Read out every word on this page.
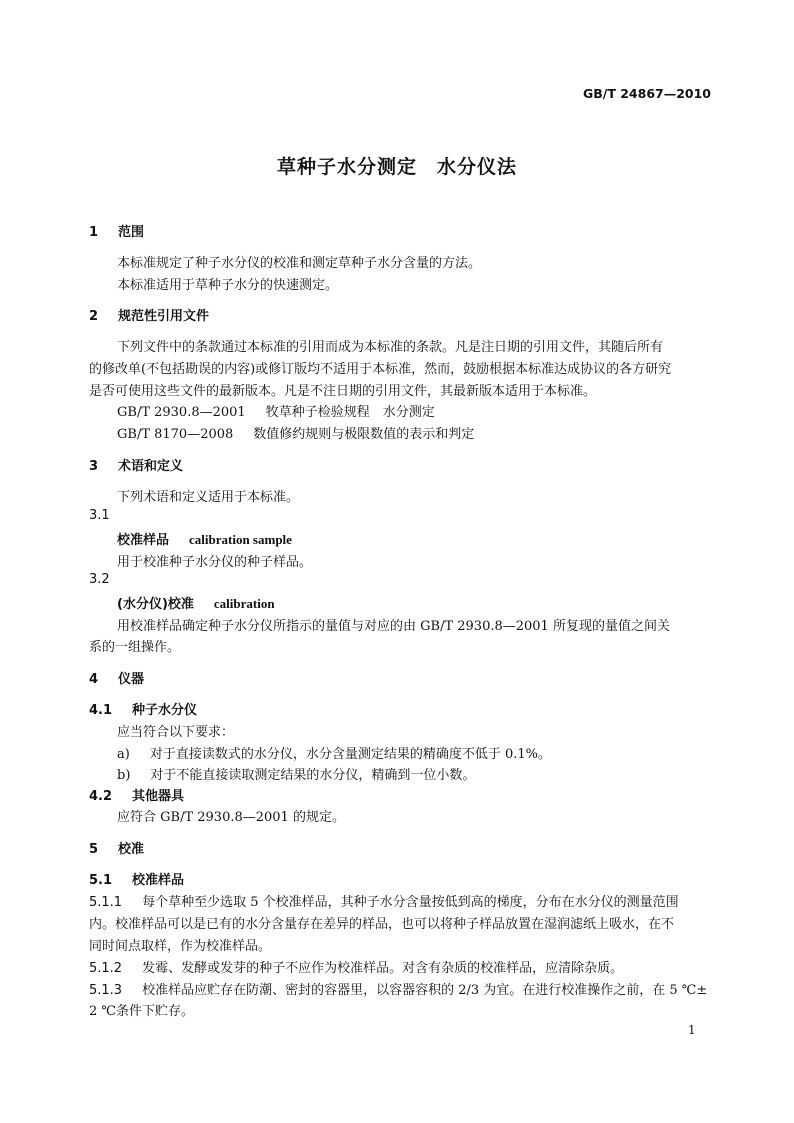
GB/T 24867—2010
草种子水分测定　水分仪法
1 范围
本标准规定了种子水分仪的校准和测定草种子水分含量的方法。
本标准适用于草种子水分的快速测定。
2 规范性引用文件
下列文件中的条款通过本标准的引用而成为本标准的条款。凡是注日期的引用文件，其随后所有
的修改单(不包括勘误的内容)或修订版均不适用于本标准，然而，鼓励根据本标准达成协议的各方研究
是否可使用这些文件的最新版本。凡是不注日期的引用文件，其最新版本适用于本标准。
GB/T 2930.8—2001 牧草种子检验规程　水分测定
GB/T 8170—2008 数值修约规则与极限数值的表示和判定
3 术语和定义
下列术语和定义适用于本标准。
3.1
校准样品 calibration sample
用于校准种子水分仪的种子样品。
3.2
(水分仪)校准 calibration
用校准样品确定种子水分仪所指示的量值与对应的由 GB/T 2930.8—2001 所复现的量值之间关
系的一组操作。
4 仪器
4.1 种子水分仪
应当符合以下要求：
a) 对于直接读数式的水分仪，水分含量测定结果的精确度不低于 0.1%。
b) 对于不能直接读取测定结果的水分仪，精确到一位小数。
4.2 其他器具
应符合 GB/T 2930.8—2001 的规定。
5 校准
5.1 校准样品
5.1.1 每个草种至少选取 5 个校准样品，其种子水分含量按低到高的梯度，分布在水分仪的测量范围
内。校准样品可以是已有的水分含量存在差异的样品，也可以将种子样品放置在湿润滤纸上吸水，在不
同时间点取样，作为校准样品。
5.1.2 发霉、发酵或发芽的种子不应作为校准样品。对含有杂质的校准样品，应清除杂质。
5.1.3 校准样品应贮存在防潮、密封的容器里，以容器容积的 2/3 为宜。在进行校准操作之前，在 5 ℃±
2 ℃条件下贮存。
1
